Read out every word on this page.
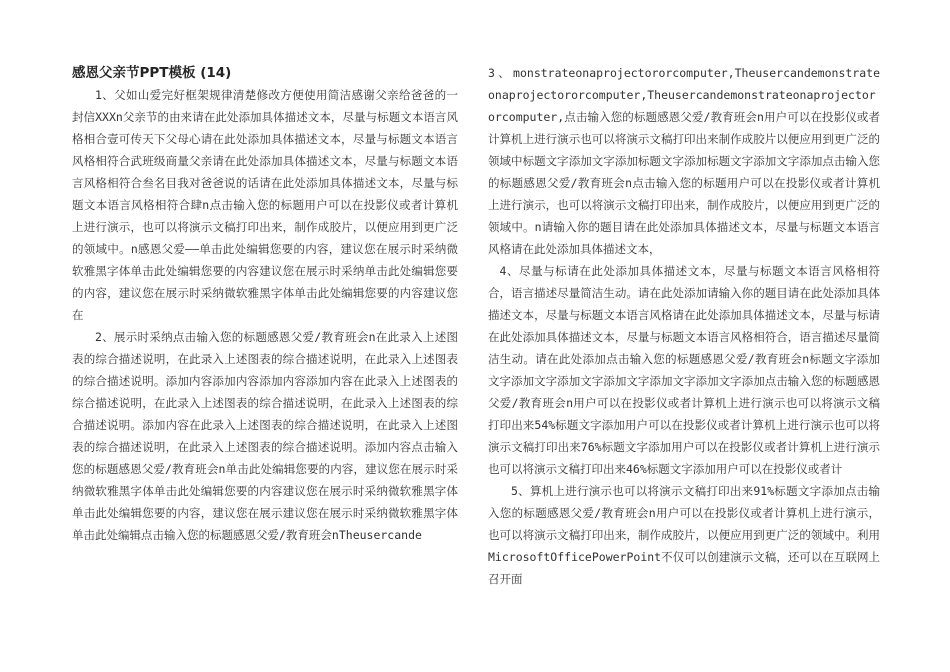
感恩父亲节PPT模板 (14)

1、父如山爱完好框架规律清楚修改方便使用简洁感谢父亲给爸爸的一封信XXXn父亲节的由来请在此处添加具体描述文本，尽量与标题文本语言风格相合壹可传天下父母心请在此处添加具体描述文本，尽量与标题文本语言风格相符合武班级商量父亲请在此处添加具体描述文本，尽量与标题文本语言风格相符合叁名目我对爸爸说的话请在此处添加具体描述文本，尽量与标题文本语言风格相符合肆n点击输入您的标题用户可以在投影仪或者计算机上进行演示，也可以将演示文稿打印出来，制作成胶片，以便应用到更广泛的领域中。n感恩父爱——单击此处编辑您要的内容，建议您在展示时采纳微软雅黑字体单击此处编辑您要的内容建议您在展示时采纳单击此处编辑您要的内容，建议您在展示时采纳微软雅黑字体单击此处编辑您要的内容建议您在

2、展示时采纳点击输入您的标题感恩父爱/教育班会n在此录入上述图表的综合描述说明，在此录入上述图表的综合描述说明，在此录入上述图表的综合描述说明。添加内容添加内容添加内容添加内容在此录入上述图表的综合描述说明，在此录入上述图表的综合描述说明，在此录入上述图表的综合描述说明。添加内容在此录入上述图表的综合描述说明，在此录入上述图表的综合描述说明，在此录入上述图表的综合描述说明。添加内容点击输入您的标题感恩父爱/教育班会n单击此处编辑您要的内容，建议您在展示时采纳微软雅黑字体单击此处编辑您要的内容建议您在展示时采纳微软雅黑字体单击此处编辑您要的内容，建议您在展示建议您在展示时采纳微软雅黑字体单击此处编辑点击输入您的标题感恩父爱/教育班会nTheusercande

3、monstrateonaprojectororcomputer,Theusercandemonstrateonaprojectororcomputer,Theusercandemonstrateonaprojectororcomputer,点击输入您的标题感恩父爱/教育班会n用户可以在投影仪或者计算机上进行演示也可以将演示文稿打印出来制作成胶片以便应用到更广泛的领域中标题文字添加文字添加标题文字添加标题文字添加文字添加点击输入您的标题感恩父爱/教育班会n点击输入您的标题用户可以在投影仪或者计算机上进行演示，也可以将演示文稿打印出来，制作成胶片，以便应用到更广泛的领域中。n请输入你的题目请在此处添加具体描述文本，尽量与标题文本语言风格请在此处添加具体描述文本，

4、尽量与标请在此处添加具体描述文本，尽量与标题文本语言风格相符合，语言描述尽量简洁生动。请在此处添加请输入你的题目请在此处添加具体描述文本，尽量与标题文本语言风格请在此处添加具体描述文本，尽量与标请在此处添加具体描述文本，尽量与标题文本语言风格相符合，语言描述尽量简洁生动。请在此处添加点击输入您的标题感恩父爱/教育班会n标题文字添加文字添加文字添加文字添加文字添加文字添加文字添加点击输入您的标题感恩父爱/教育班会n用户可以在投影仪或者计算机上进行演示也可以将演示文稿打印出来54%标题文字添加用户可以在投影仪或者计算机上进行演示也可以将演示文稿打印出来76%标题文字添加用户可以在投影仪或者计算机上进行演示也可以将演示文稿打印出来46%标题文字添加用户可以在投影仪或者计

5、算机上进行演示也可以将演示文稿打印出来91%标题文字添加点击输入您的标题感恩父爱/教育班会n用户可以在投影仪或者计算机上进行演示，也可以将演示文稿打印出来，制作成胶片，以便应用到更广泛的领域中。利用MicrosoftOfficePowerPoint不仅可以创建演示文稿，还可以在互联网上召开面
